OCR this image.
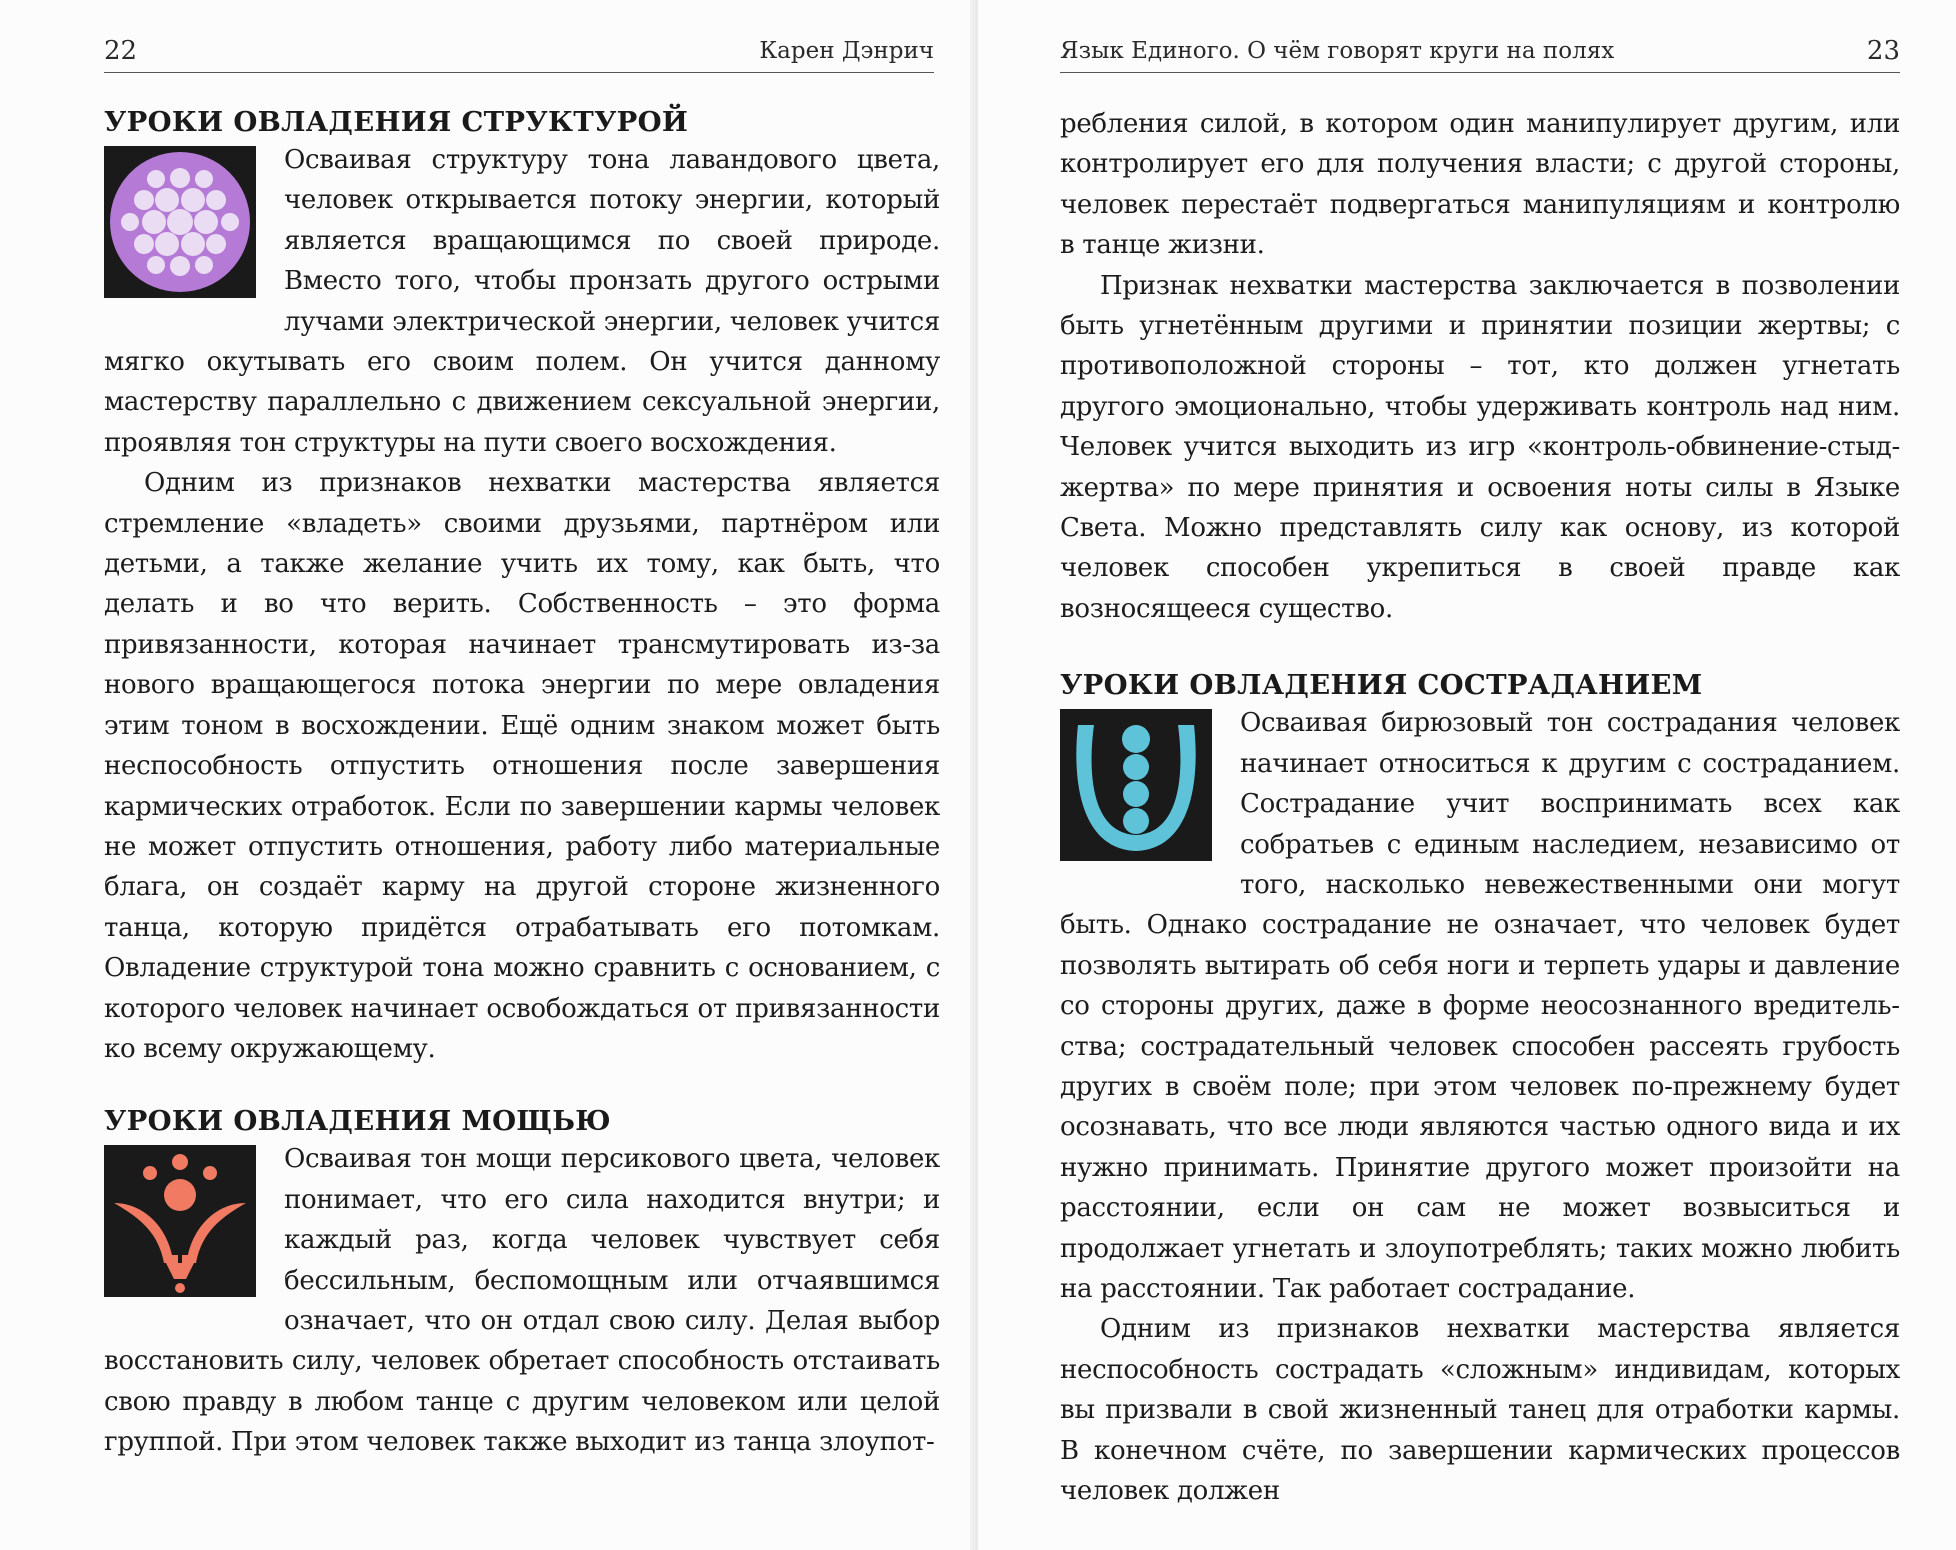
22	Карен Дэнрич
УРОКИ ОВЛАДЕНИЯ СТРУКТУРОЙ

Осваивая структуру тона лавандового цвета, человек открывается потоку энергии, который является вращающимся по своей природе. Вместо того, чтобы пронзать другого острыми лучами электрической энергии, человек учится мягко окутывать его своим полем. Он учится данному мастерству параллельно с движением сексуальной энергии, проявляя тон структуры на пути своего восхождения.

Одним из признаков нехватки мастерства является стремление «владеть» своими друзьями, партнёром или детьми, а также желание учить их тому, как быть, что делать и во что верить. Собственность – это форма привязанности, которая начинает трансмутировать из-за нового вращающегося потока энергии по мере овладения этим тоном в восхождении. Ещё одним знаком может быть неспособность отпустить отношения после завершения кармических отработок. Если по завершении кармы человек не может отпустить отношения, работу либо материальные блага, он создаёт карму на другой стороне жизненного танца, которую придётся отрабатывать его потомкам. Овладение структурой тона можно сравнить с основанием, с которого человек начинает освобождаться от привязанности ко всему окружающему.

УРОКИ ОВЛАДЕНИЯ МОЩЬЮ

Осваивая тон мощи персикового цвета, человек понимает, что его сила находится внутри; и каждый раз, когда человек чувствует себя бессильным, беспомощным или отчаявшимся означает, что он отдал свою силу. Делая выбор восстановить силу, человек обретает способность отстаивать свою правду в любом танце с другим человеком или целой группой. При этом человек также выходит из танца злоупот-

Язык Единого. О чём говорят круги на полях	23

ребления силой, в котором один манипулирует другим, или контролирует его для получения власти; с другой стороны, человек перестаёт подвергаться манипуляциям и контролю в танце жизни.

Признак нехватки мастерства заключается в позволении быть угнетённым другими и принятии позиции жертвы; с противоположной стороны – тот, кто должен угнетать другого эмоционально, чтобы удерживать контроль над ним. Человек учится выходить из игр «контроль-обвинение-стыд-жертва» по мере принятия и освоения ноты силы в Языке Света. Можно представлять силу как основу, из которой человек способен укрепиться в своей правде как возносящееся существо.

УРОКИ ОВЛАДЕНИЯ СОСТРАДАНИЕМ

Осваивая бирюзовый тон сострадания человек начинает относиться к другим с состраданием. Сострадание учит воспринимать всех как собратьев с единым наследием, независимо от того, насколько невежественными они могут быть. Однако сострадание не означает, что человек будет позволять вытирать об себя ноги и терпеть удары и давление со стороны других, даже в форме неосознанного вредительства; сострадательный человек способен рассеять грубость других в своём поле; при этом человек по-прежнему будет осознавать, что все люди являются частью одного вида и их нужно принимать. Принятие другого может произойти на расстоянии, если он сам не может возвыситься и продолжает угнетать и злоупотреблять; таких можно любить на расстоянии. Так работает сострадание.

Одним из признаков нехватки мастерства является неспособность сострадать «сложным» индивидам, которых вы призвали в свой жизненный танец для отработки кармы. В конечном счёте, по завершении кармических процессов человек должен
